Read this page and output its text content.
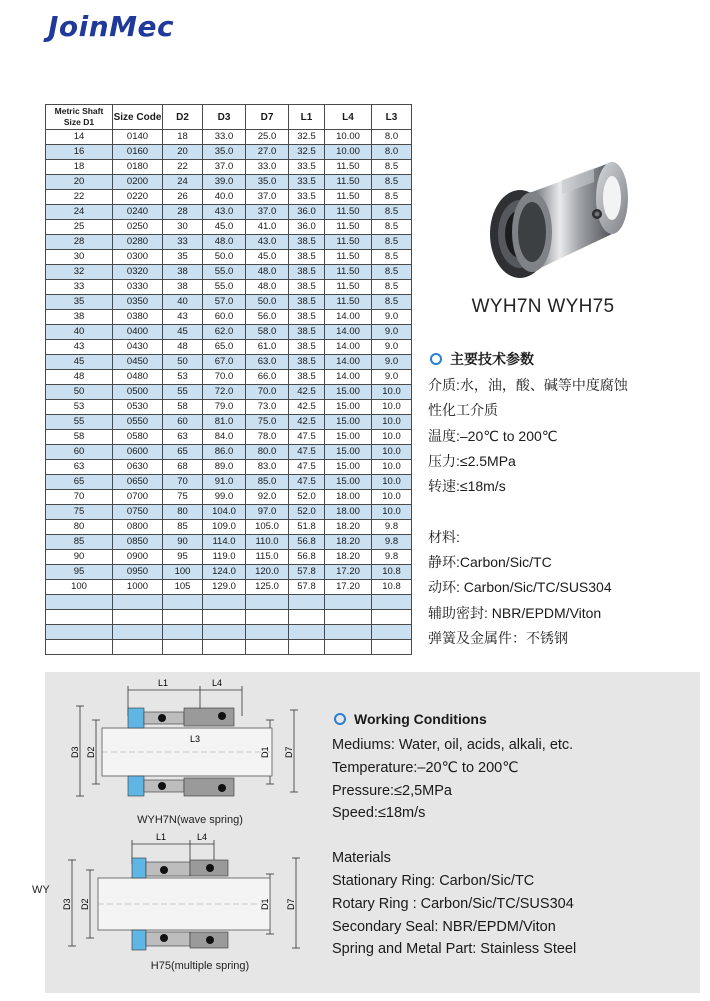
JoinMec
Metric Shaft Size D1	Size Code	D2	D3	D7	L1	L4	L3
14	0140	18	33.0	25.0	32.5	10.00	8.0
16	0160	20	35.0	27.0	32.5	10.00	8.0
18	0180	22	37.0	33.0	33.5	11.50	8.5
20	0200	24	39.0	35.0	33.5	11.50	8.5
22	0220	26	40.0	37.0	33.5	11.50	8.5
24	0240	28	43.0	37.0	36.0	11.50	8.5
25	0250	30	45.0	41.0	36.0	11.50	8.5
28	0280	33	48.0	43.0	38.5	11.50	8.5
30	0300	35	50.0	45.0	38.5	11.50	8.5
32	0320	38	55.0	48.0	38.5	11.50	8.5
33	0330	38	55.0	48.0	38.5	11.50	8.5
35	0350	40	57.0	50.0	38.5	11.50	8.5
38	0380	43	60.0	56.0	38.5	14.00	9.0
40	0400	45	62.0	58.0	38.5	14.00	9.0
43	0430	48	65.0	61.0	38.5	14.00	9.0
45	0450	50	67.0	63.0	38.5	14.00	9.0
48	0480	53	70.0	66.0	38.5	14.00	9.0
50	0500	55	72.0	70.0	42.5	15.00	10.0
53	0530	58	79.0	73.0	42.5	15.00	10.0
55	0550	60	81.0	75.0	42.5	15.00	10.0
58	0580	63	84.0	78.0	47.5	15.00	10.0
60	0600	65	86.0	80.0	47.5	15.00	10.0
63	0630	68	89.0	83.0	47.5	15.00	10.0
65	0650	70	91.0	85.0	47.5	15.00	10.0
70	0700	75	99.0	92.0	52.0	18.00	10.0
75	0750	80	104.0	97.0	52.0	18.00	10.0
80	0800	85	109.0	105.0	51.8	18.20	9.8
85	0850	90	114.0	110.0	56.8	18.20	9.8
90	0900	95	119.0	115.0	56.8	18.20	9.8
95	0950	100	124.0	120.0	57.8	17.20	10.8
100	1000	105	129.0	125.0	57.8	17.20	10.8

WYH7N WYH75
主要技术参数
介质:水，油，酸、碱等中度腐蚀
性化工介质
温度:–20℃ to 200℃
压力:≤2.5MPa
转速:≤18m/s

材料:
静环:Carbon/Sic/TC
动环: Carbon/Sic/TC/SUS304
辅助密封: NBR/EPDM/Viton
弹簧及金属件：不锈钢
WY
L1	L4
L3
D3 D2	D1 D7
WYH7N(wave spring)
L1	L4
D3 D2	D1 D7
H75(multiple spring)
Working Conditions
Mediums: Water, oil, acids, alkali, etc.
Temperature:–20℃ to 200℃
Pressure:≤2,5MPa
Speed:≤18m/s
Materials
Stationary Ring: Carbon/Sic/TC
Rotary Ring : Carbon/Sic/TC/SUS304
Secondary Seal: NBR/EPDM/Viton
Spring and Metal Part: Stainless Steel
